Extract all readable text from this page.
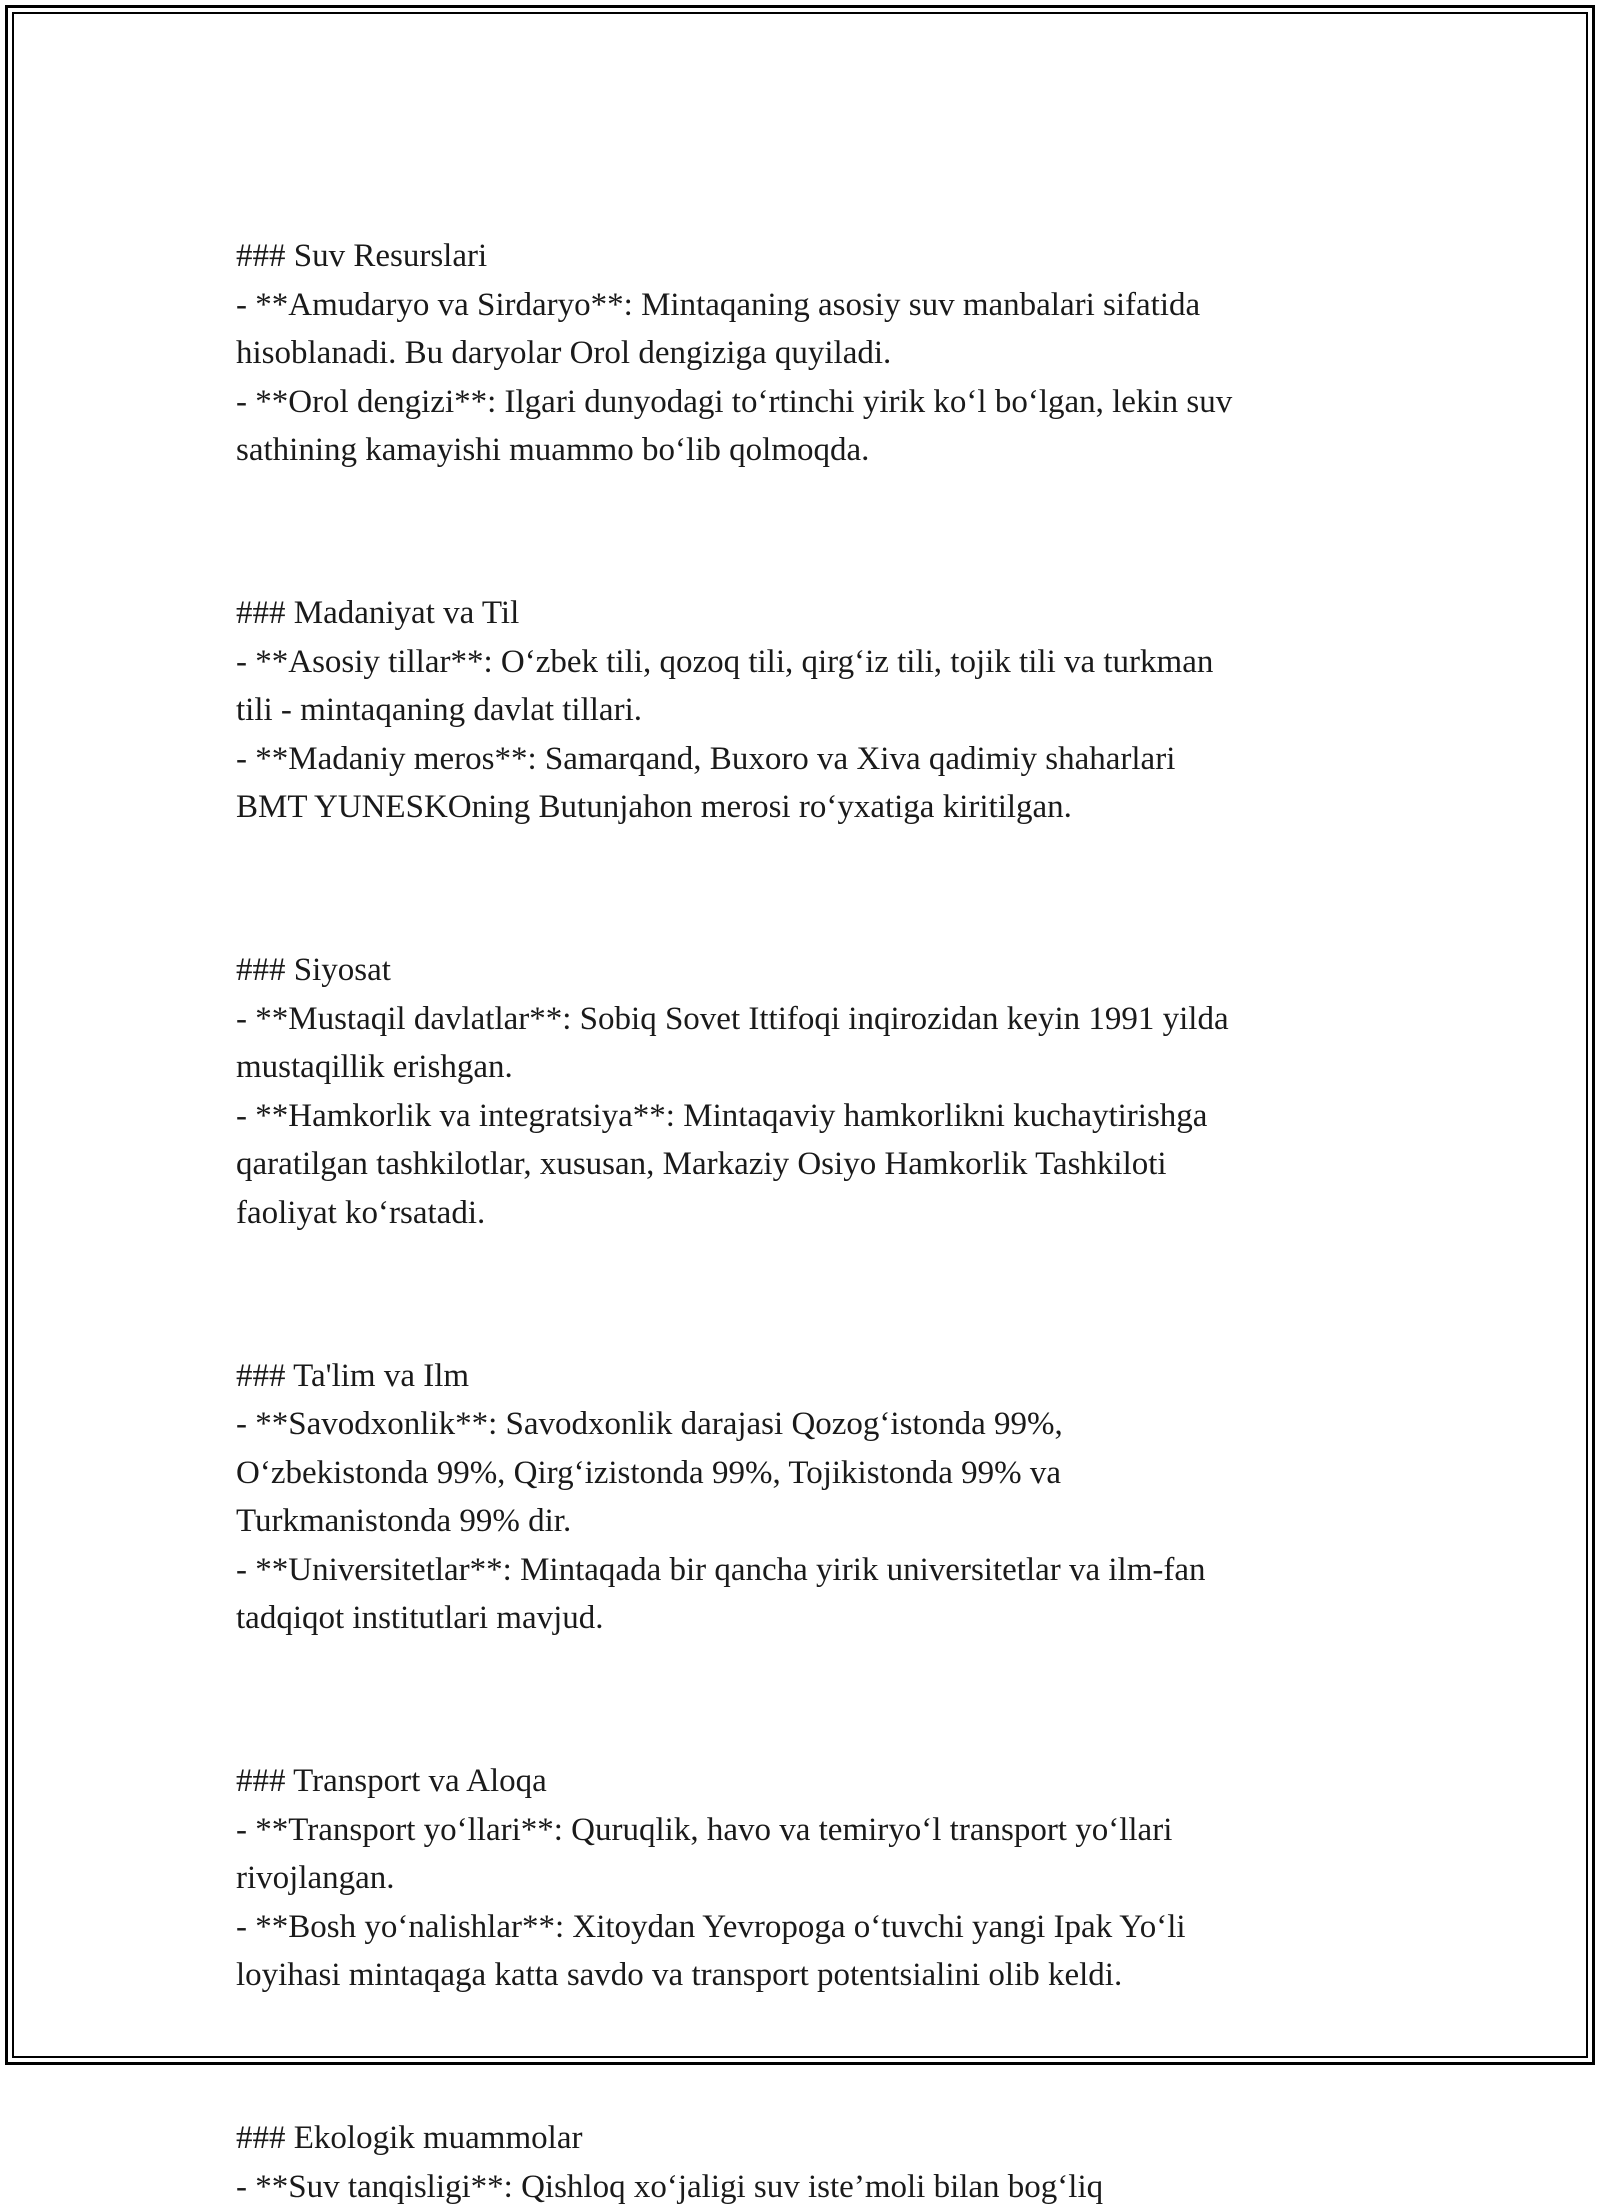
### Suv Resurslari

- **Amudaryo va Sirdaryo**: Mintaqaning asosiy suv manbalari sifatida

hisoblanadi. Bu daryolar Orol dengiziga quyiladi.

- **Orol dengizi**: Ilgari dunyodagi to‘rtinchi yirik ko‘l bo‘lgan, lekin suv

sathining kamayishi muammo bo‘lib qolmoqda.

### Madaniyat va Til

- **Asosiy tillar**: O‘zbek tili, qozoq tili, qirg‘iz tili, tojik tili va turkman

tili - mintaqaning davlat tillari.

- **Madaniy meros**: Samarqand, Buxoro va Xiva qadimiy shaharlari

BMT YUNESKOning Butunjahon merosi ro‘yxatiga kiritilgan.

### Siyosat

- **Mustaqil davlatlar**: Sobiq Sovet Ittifoqi inqirozidan keyin 1991 yilda

mustaqillik erishgan.

- **Hamkorlik va integratsiya**: Mintaqaviy hamkorlikni kuchaytirishga

qaratilgan tashkilotlar, xususan, Markaziy Osiyo Hamkorlik Tashkiloti

faoliyat ko‘rsatadi.

### Ta'lim va Ilm

- **Savodxonlik**: Savodxonlik darajasi Qozog‘istonda 99%,

O‘zbekistonda 99%, Qirg‘izistonda 99%, Tojikistonda 99% va

Turkmanistonda 99% dir.

- **Universitetlar**: Mintaqada bir qancha yirik universitetlar va ilm-fan

tadqiqot institutlari mavjud.

### Transport va Aloqa

- **Transport yo‘llari**: Quruqlik, havo va temiryo‘l transport yo‘llari

rivojlangan.

- **Bosh yo‘nalishlar**: Xitoydan Yevropoga o‘tuvchi yangi Ipak Yo‘li

loyihasi mintaqaga katta savdo va transport potentsialini olib keldi.

### Ekologik muammolar

- **Suv tanqisligi**: Qishloq xo‘jaligi suv iste’moli bilan bog‘liq
